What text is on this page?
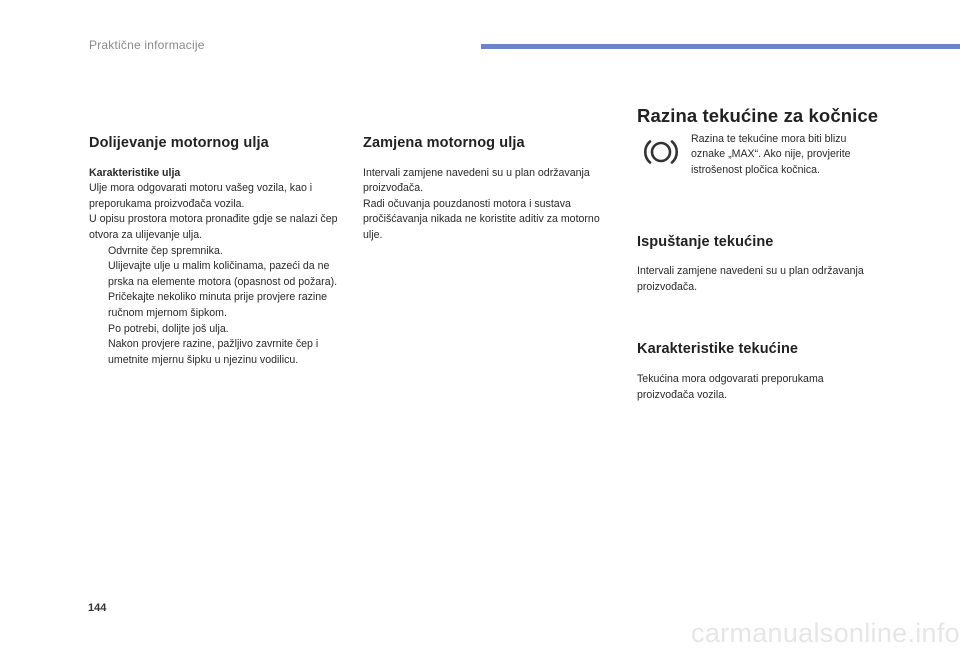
Praktične informacije
Dolijevanje motornog ulja

Karakteristike ulja

Ulje mora odgovarati motoru vašeg vozila, kao i preporukama proizvođača vozila.

U opisu prostora motora pronađite gdje se nalazi čep otvora za ulijevanje ulja.

Odvrnite čep spremnika.
Ulijevajte ulje u malim količinama, pazeći da ne prska na elemente motora (opasnost od požara).
Pričekajte nekoliko minuta prije provjere razine ručnom mjernom šipkom.
Po potrebi, dolijte još ulja.
Nakon provjere razine, pažljivo zavrnite čep i umetnite mjernu šipku u njezinu vodilicu.
Zamjena motornog ulja

Intervali zamjene navedeni su u plan održavanja proizvođača.

Radi očuvanja pouzdanosti motora i sustava pročišćavanja nikada ne koristite aditiv za motorno ulje.

Razina tekućine za kočnice
Razina te tekućine mora biti blizu oznake „MAX“. Ako nije, provjerite istrošenost pločica kočnica.
Ispuštanje tekućine

Intervali zamjene navedeni su u plan održavanja proizvođača.

Karakteristike tekućine

Tekućina mora odgovarati preporukama proizvođača vozila.

144
carmanualsonline.info
